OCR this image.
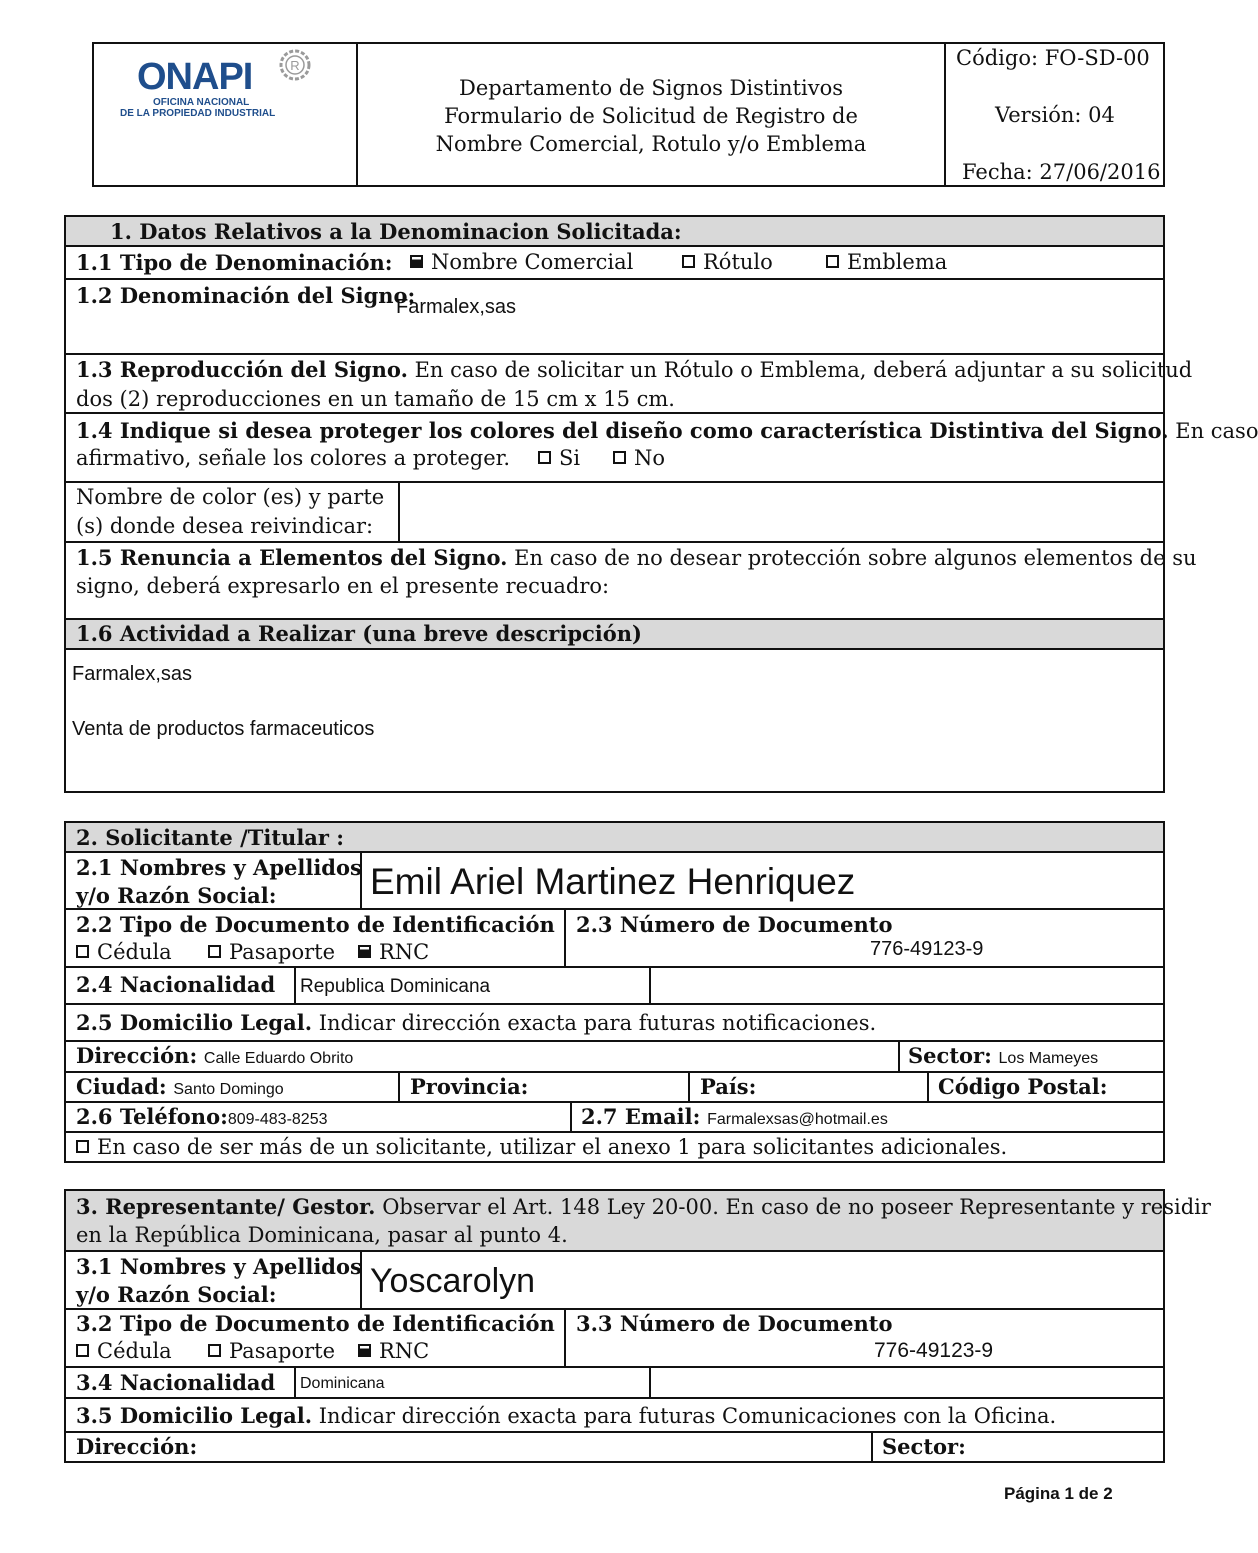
ONAPI	R
OFICINA NACIONAL
DE LA PROPIEDAD INDUSTRIAL
Departamento de Signos Distintivos
Formulario de Solicitud de Registro de
Nombre Comercial, Rotulo y/o Emblema
Código: FO-SD-00
Versión: 04
Fecha: 27/06/2016
1. Datos Relativos a la Denominacion Solicitada:
1.1 Tipo de Denominación:	Nombre Comercial	Rótulo	Emblema
1.2 Denominación del Signo:
Farmalex,sas
1.3 Reproducción del Signo. En caso de solicitar un Rótulo o Emblema, deberá adjuntar a su solicitud
dos (2) reproducciones en un tamaño de 15 cm x 15 cm.
1.4 Indique si desea proteger los colores del diseño como característica Distintiva del Signo. En caso
afirmativo, señale los colores a proteger.	Si	No
Nombre de color (es) y parte
(s) donde desea reivindicar:
1.5 Renuncia a Elementos del Signo. En caso de no desear protección sobre algunos elementos de su
signo, deberá expresarlo en el presente recuadro:
1.6 Actividad a Realizar (una breve descripción)
Farmalex,sas
Venta de productos farmaceuticos
2. Solicitante /Titular :
2.1 Nombres y Apellidos
y/o Razón Social:	Emil Ariel Martinez Henriquez
2.2 Tipo de Documento de Identificación
Cédula	Pasaporte	RNC
2.3 Número de Documento
776-49123-9
2.4 Nacionalidad Republica Dominicana
2.5 Domicilio Legal. Indicar dirección exacta para futuras notificaciones.
Dirección: Calle Eduardo Obrito	Sector: Los Mameyes
Ciudad: Santo Domingo	Provincia:	País:	Código Postal:
2.6 Teléfono:809-483-8253	2.7 Email: Farmalexsas@hotmail.es
En caso de ser más de un solicitante, utilizar el anexo 1 para solicitantes adicionales.
3. Representante/ Gestor. Observar el Art. 148 Ley 20-00. En caso de no poseer Representante y residir
en la República Dominicana, pasar al punto 4.
3.1 Nombres y Apellidos
y/o Razón Social:	Yoscarolyn
3.2 Tipo de Documento de Identificación
Cédula	Pasaporte	RNC
3.3 Número de Documento
776-49123-9
3.4 Nacionalidad Dominicana
3.5 Domicilio Legal. Indicar dirección exacta para futuras Comunicaciones con la Oficina.
Dirección:	Sector:
Página 1 de 2
